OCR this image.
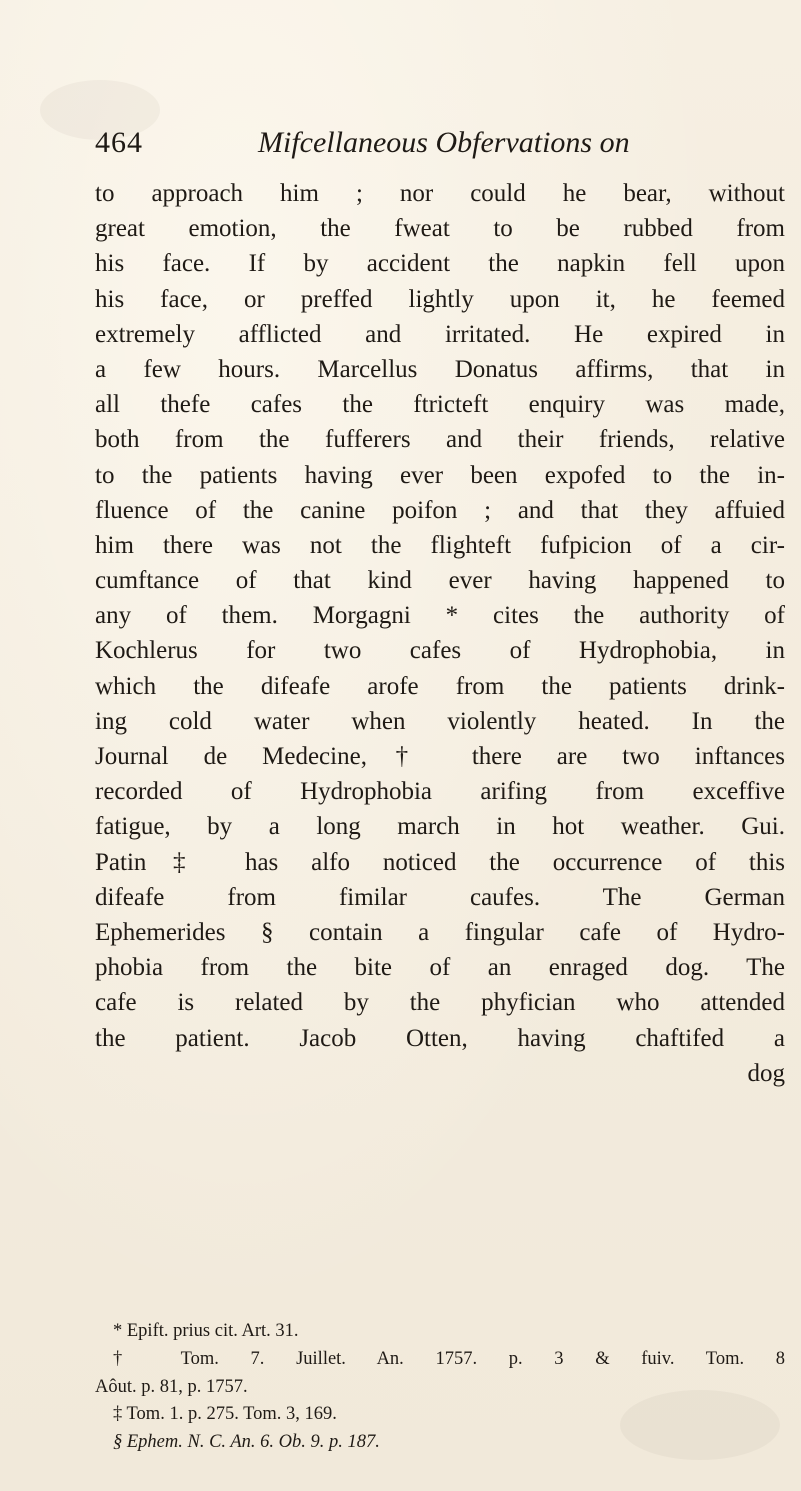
464	Mifcellaneous Obfervations on
to approach him ; nor could he bear, without
great emotion, the fweat to be rubbed from
his face. If by accident the napkin fell upon
his face, or preffed lightly upon it, he feemed
extremely afflicted and irritated. He expired in
a few hours. Marcellus Donatus affirms, that in
all thefe cafes the ftricteft enquiry was made,
both from the fufferers and their friends, relative
to the patients having ever been expofed to the in-
fluence of the canine poifon ; and that they affuied
him there was not the flighteft fufpicion of a cir-
cumftance of that kind ever having happened to
any of them. Morgagni * cites the authority of
Kochlerus for two cafes of Hydrophobia, in
which the difeafe arofe from the patients drink-
ing cold water when violently heated. In the
Journal de Medecine,† there are two inftances
recorded of Hydrophobia arifing from exceffive
fatigue, by a long march in hot weather. Gui.
Patin‡ has alfo noticed the occurrence of this
difeafe from fimilar caufes. The German
Ephemerides § contain a fingular cafe of Hydro-
phobia from the bite of an enraged dog. The
cafe is related by the phyfician who attended
the patient. Jacob Otten, having chaftifed a
dog
* Epift. prius cit. Art. 31.
† Tom. 7. Juillet. An. 1757. p. 3 & fuiv. Tom. 8
Aôut. p. 81, p. 1757.
‡ Tom. 1. p. 275. Tom. 3, 169.
§ Ephem. N. C. An. 6. Ob. 9. p. 187.
